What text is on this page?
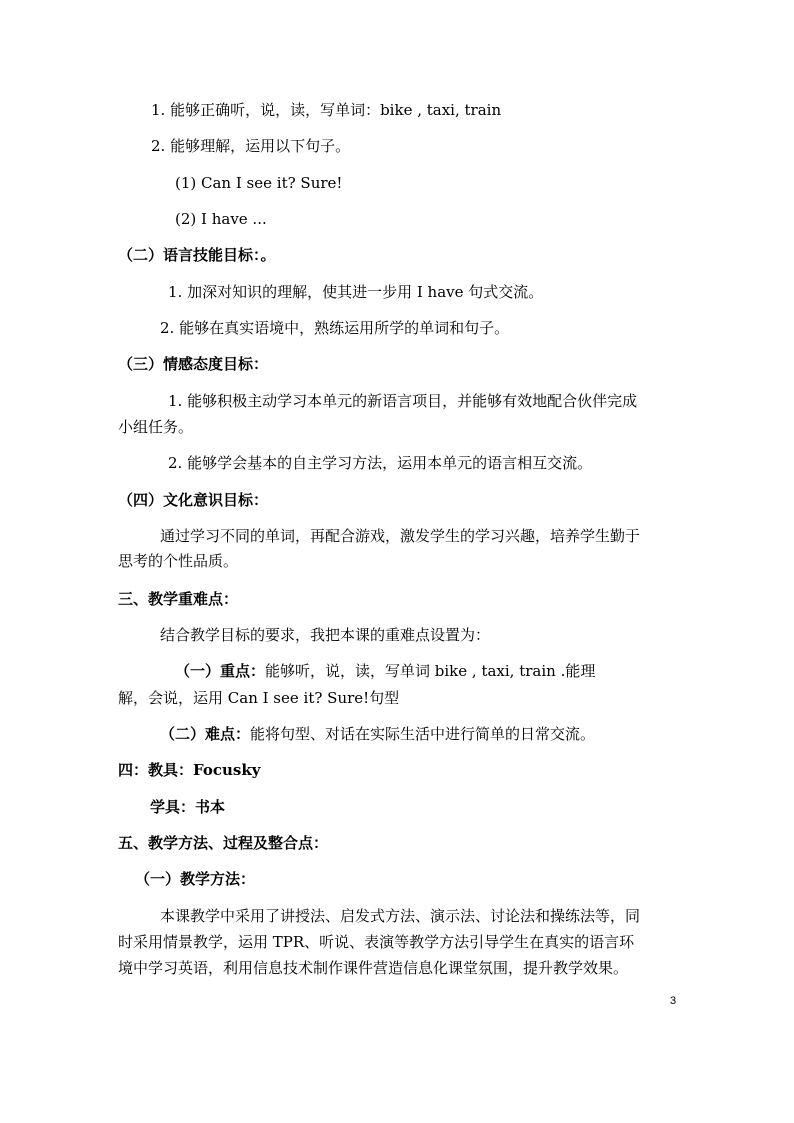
1. 能够正确听，说，读，写单词：bike , taxi, train
2. 能够理解，运用以下句子。
(1) Can I see it? Sure!
(2) I have ...
（二）语言技能目标：。
1. 加深对知识的理解，使其进一步用 I have 句式交流。
2. 能够在真实语境中，熟练运用所学的单词和句子。
（三）情感态度目标：
1. 能够积极主动学习本单元的新语言项目，并能够有效地配合伙伴完成
小组任务。
2. 能够学会基本的自主学习方法，运用本单元的语言相互交流。
（四）文化意识目标：
通过学习不同的单词，再配合游戏，激发学生的学习兴趣，培养学生勤于
思考的个性品质。
三、教学重难点：
结合教学目标的要求，我把本课的重难点设置为：
（一）重点：能够听，说，读，写单词 bike , taxi, train .能理
解，会说，运用 Can I see it? Sure!句型
（二）难点：能将句型、对话在实际生活中进行简单的日常交流。
四：教具：Focusky
学具：书本
五、教学方法、过程及整合点：
（一）教学方法：
本课教学中采用了讲授法、启发式方法、演示法、讨论法和操练法等，同
时采用情景教学，运用 TPR、听说、表演等教学方法引导学生在真实的语言环
境中学习英语，利用信息技术制作课件营造信息化课堂氛围，提升教学效果。
3
